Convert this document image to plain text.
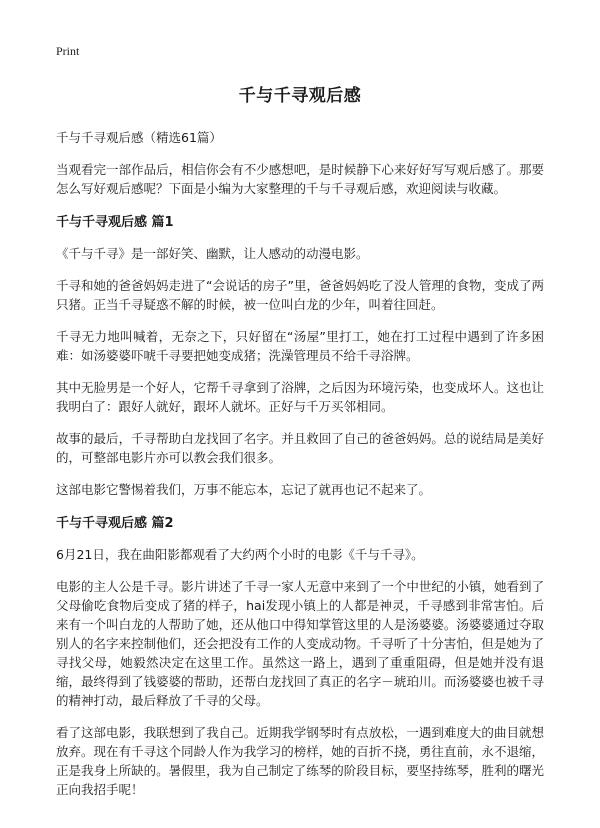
Print
千与千寻观后感
千与千寻观后感（精选61篇）

当观看完一部作品后，相信你会有不少感想吧，是时候静下心来好好写写观后感了。那要怎么写好观后感呢？下面是小编为大家整理的千与千寻观后感，欢迎阅读与收藏。

千与千寻观后感 篇1

《千与千寻》是一部好笑、幽默，让人感动的动漫电影。

千寻和她的爸爸妈妈走进了“会说话的房子”里，爸爸妈妈吃了没人管理的食物，变成了两只猪。正当千寻疑惑不解的时候，被一位叫白龙的少年，叫着往回赶。

千寻无力地叫喊着，无奈之下，只好留在“汤屋”里打工，她在打工过程中遇到了许多困难：如汤婆婆吓唬千寻要把她变成猪；洗澡管理员不给千寻浴牌。

其中无脸男是一个好人，它帮千寻拿到了浴牌，之后因为环境污染，也变成坏人。这也让我明白了：跟好人就好，跟坏人就坏。正好与千万买邻相同。

故事的最后，千寻帮助白龙找回了名字。并且救回了自己的爸爸妈妈。总的说结局是美好的，可整部电影片亦可以教会我们很多。

这部电影它警惕着我们，万事不能忘本，忘记了就再也记不起来了。

千与千寻观后感 篇2

6月21日，我在曲阳影都观看了大约两个小时的电影《千与千寻》。

电影的主人公是千寻。影片讲述了千寻一家人无意中来到了一个中世纪的小镇，她看到了父母偷吃食物后变成了猪的样子，hai发现小镇上的人都是神灵，千寻感到非常害怕。后来有一个叫白龙的人帮助了她，还从他口中得知掌管这里的人是汤婆婆。汤婆婆通过夺取别人的名字来控制他们，还会把没有工作的人变成动物。千寻听了十分害怕，但是她为了寻找父母，她毅然决定在这里工作。虽然这一路上，遇到了重重阻碍，但是她并没有退缩，最终得到了钱婆婆的帮助，还帮白龙找回了真正的名字－琥珀川。而汤婆婆也被千寻的精神打动，最后释放了千寻的父母。

看了这部电影，我联想到了我自己。近期我学钢琴时有点放松，一遇到难度大的曲目就想放弃。现在有千寻这个同龄人作为我学习的榜样，她的百折不挠，勇往直前，永不退缩，正是我身上所缺的。暑假里，我为自己制定了练琴的阶段目标，要坚持练琴，胜利的曙光正向我招手呢！
